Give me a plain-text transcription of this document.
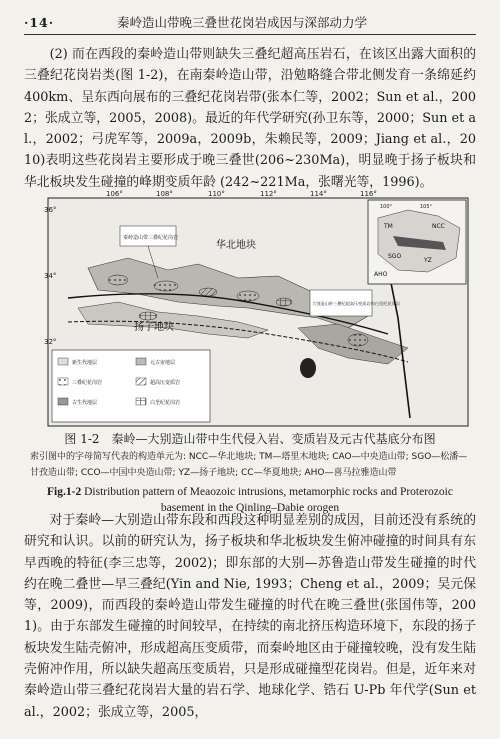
·14·	秦岭造山带晚三叠世花岗岩成因与深部动力学
(2) 而在西段的秦岭造山带则缺失三叠纪超高压岩石，在该区出露大面积的三叠纪花岗岩类(图 1-2)，在南秦岭造山带，沿勉略缝合带北侧发育一条绵延约400km、呈东西向展布的三叠纪花岗岩带(张本仁等，2002；Sun et al.，2002；张成立等，2005，2008)。最近的年代学研究(孙卫东等，2000；Sun et al.，2002；弓虎军等，2009a，2009b，朱赖民等，2009；Jiang et al.，2010)表明这些花岗岩主要形成于晚三叠世(206~230Ma)，明显晚于扬子板块和华北板块发生碰撞的峰期变质年龄 (242~221Ma，张曙光等，1996)。
106°	108°	110°	112°	114°	116°
36°
34°
32°
秦岭造山带三叠纪花岗岩
大别造山带三叠纪超高压变质岩和白垩纪花岗岩
华北地块
扬子地块
NCC
TM
SGO
YZ
AHO
100°	105°
新生代地层
三叠纪花岗岩
古生代地层
元古宙地层
超高压变质岩
白垩纪花岗岩
图 1-2　秦岭—大别造山带中生代侵入岩、变质岩及元古代基底分布图
索引图中的字母简写代表的构造单元为: NCC—华北地块; TM—塔里木地块; CAO—中央造山带; SGO—松潘—甘孜造山带; CCO—中国中央造山带; YZ—扬子地块; CC—华夏地块; AHO—喜马拉雅造山带
Fig.1-2 Distribution pattern of Meaozoic intrusions, metamorphic rocks and Proterozoic basement in the Qinling–Dabie orogen
对于秦岭—大别造山带东段和西段这种明显差别的成因，目前还没有系统的研究和认识。以前的研究认为，扬子板块和华北板块发生俯冲碰撞的时间具有东早西晚的特征(李三忠等，2002)；即东部的大别—苏鲁造山带发生碰撞的时代约在晚二叠世—早三叠纪(Yin and Nie, 1993；Cheng et al.，2009；吴元保等，2009)，而西段的秦岭造山带发生碰撞的时代在晚三叠世(张国伟等，2001)。由于东部发生碰撞的时间较早，在持续的南北挤压构造环境下，东段的扬子板块发生陆壳俯冲，形成超高压变质带，而秦岭地区由于碰撞较晚，没有发生陆壳俯冲作用，所以缺失超高压变质岩，只是形成碰撞型花岗岩。但是，近年来对秦岭造山带三叠纪花岗岩大量的岩石学、地球化学、锆石 U-Pb 年代学(Sun et al.，2002；张成立等，2005，
